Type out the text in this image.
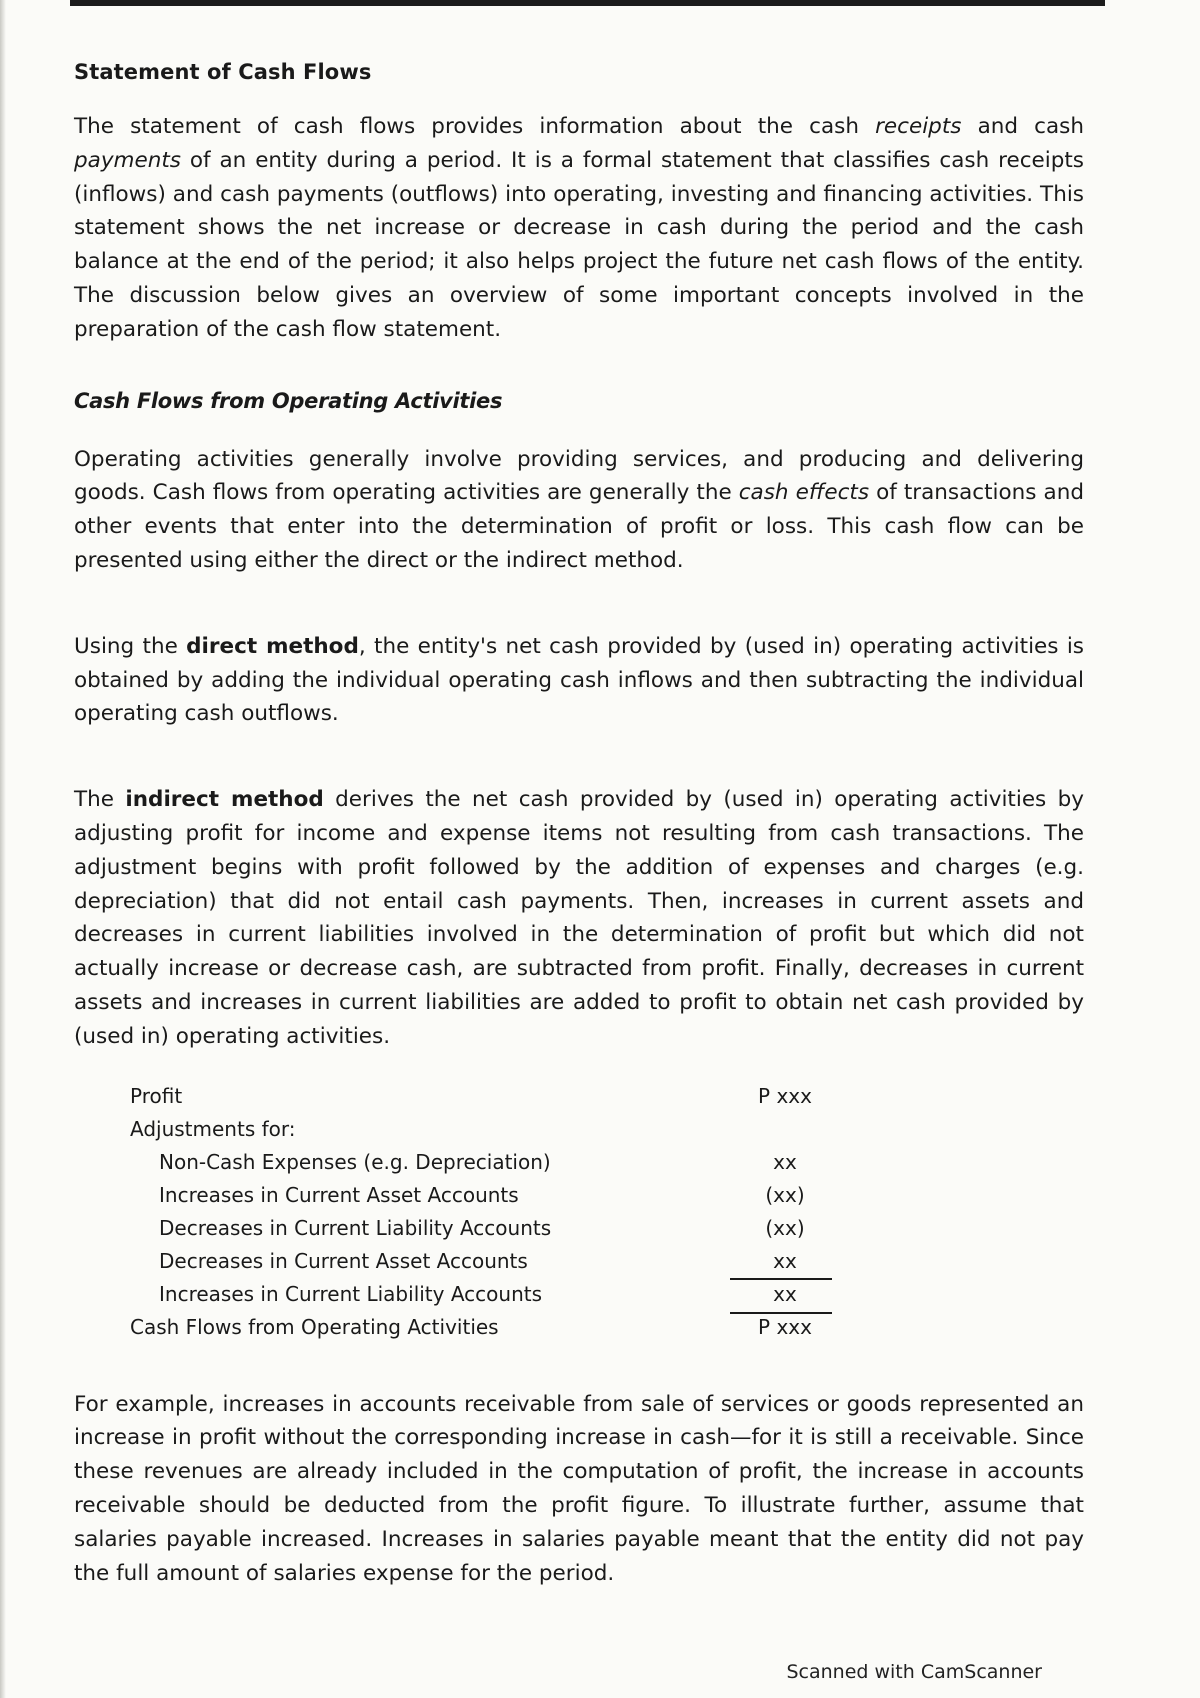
Statement of Cash Flows

The statement of cash flows provides information about the cash receipts and cash payments of an entity during a period. It is a formal statement that classifies cash receipts (inflows) and cash payments (outflows) into operating, investing and financing activities. This statement shows the net increase or decrease in cash during the period and the cash balance at the end of the period; it also helps project the future net cash flows of the entity. The discussion below gives an overview of some important concepts involved in the preparation of the cash flow statement.

Cash Flows from Operating Activities

Operating activities generally involve providing services, and producing and delivering goods. Cash flows from operating activities are generally the cash effects of transactions and other events that enter into the determination of profit or loss. This cash flow can be presented using either the direct or the indirect method.

Using the direct method, the entity's net cash provided by (used in) operating activities is obtained by adding the individual operating cash inflows and then subtracting the individual operating cash outflows.

The indirect method derives the net cash provided by (used in) operating activities by adjusting profit for income and expense items not resulting from cash transactions. The adjustment begins with profit followed by the addition of expenses and charges (e.g. depreciation) that did not entail cash payments. Then, increases in current assets and decreases in current liabilities involved in the determination of profit but which did not actually increase or decrease cash, are subtracted from profit. Finally, decreases in current assets and increases in current liabilities are added to profit to obtain net cash provided by (used in) operating activities.

Profit	P xxx
Adjustments for:
Non-Cash Expenses (e.g. Depreciation)	xx
Increases in Current Asset Accounts	(xx)
Decreases in Current Liability Accounts	(xx)
Decreases in Current Asset Accounts	xx
Increases in Current Liability Accounts	xx
Cash Flows from Operating Activities	P xxx

For example, increases in accounts receivable from sale of services or goods represented an increase in profit without the corresponding increase in cash—for it is still a receivable. Since these revenues are already included in the computation of profit, the increase in accounts receivable should be deducted from the profit figure. To illustrate further, assume that salaries payable increased. Increases in salaries payable meant that the entity did not pay the full amount of salaries expense for the period.

Scanned with CamScanner
